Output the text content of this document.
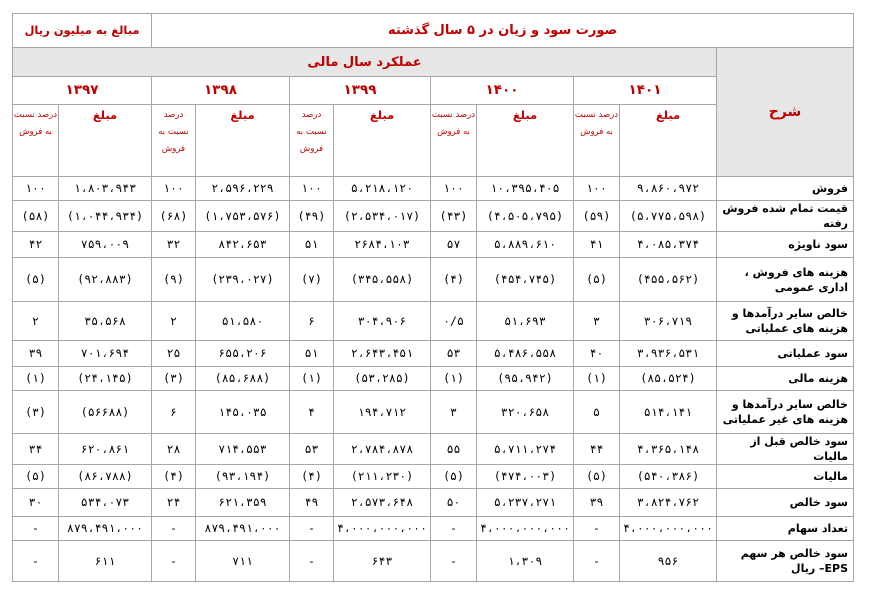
مبالغ به میلیون ریال		صورت سود و زیان در ۵ سال گذشته								
عملکرد سال مالی										شرح
۱۳۹۷		۱۳۹۸		۱۳۹۹		۱۴۰۰		۱۴۰۱		
درصد نسبت به فروش	مبلغ	درصد نسبت به فروش	مبلغ	درصد نسبت به فروش	مبلغ	درصد نسبت به فروش	مبلغ	درصد نسبت به فروش	مبلغ	
۱۰۰	۱،۸۰۳،۹۴۳	۱۰۰	۲،۵۹۶،۲۲۹	۱۰۰	۵،۲۱۸،۱۲۰	۱۰۰	۱۰،۳۹۵،۴۰۵	۱۰۰	۹،۸۶۰،۹۷۲	فروش
(۵۸)	(۱،۰۴۴،۹۳۴)	(۶۸)	(۱،۷۵۳،۵۷۶)	(۴۹)	(۲،۵۳۴،۰۱۷)	(۴۳)	(۴،۵۰۵،۷۹۵)	(۵۹)	(۵،۷۷۵،۵۹۸)	قیمت تمام شده فروش رفته
۴۲	۷۵۹،۰۰۹	۳۲	۸۴۲،۶۵۳	۵۱	۲۶۸۴،۱۰۳	۵۷	۵،۸۸۹،۶۱۰	۴۱	۴،۰۸۵،۳۷۴	سود ناویژه
(۵)	(۹۲،۸۸۳)	(۹)	(۲۳۹،۰۲۷)	(۷)	(۳۴۵،۵۵۸)	(۴)	(۴۵۴،۷۴۵)	(۵)	(۴۵۵،۵۶۲)	هزینه های فروش ، اداری عمومی
۲	۳۵،۵۶۸	۲	۵۱،۵۸۰	۶	۳۰۴،۹۰۶	۰/۵	۵۱،۶۹۳	۳	۳۰۶،۷۱۹	خالص سایر درآمدها و هزینه های عملیاتی
۳۹	۷۰۱،۶۹۴	۲۵	۶۵۵،۲۰۶	۵۱	۲،۶۴۳،۴۵۱	۵۳	۵،۴۸۶،۵۵۸	۴۰	۳،۹۳۶،۵۳۱	سود عملیاتی
(۱)	(۲۴،۱۴۵)	(۳)	(۸۵،۶۸۸)	(۱)	(۵۳،۲۸۵)	(۱)	(۹۵،۹۴۲)	(۱)	(۸۵،۵۲۴)	هزینه مالی
(۳)	(۵۶۶۸۸)	۶	۱۴۵،۰۳۵	۴	۱۹۴،۷۱۲	۳	۳۲۰،۶۵۸	۵	۵۱۴،۱۴۱	خالص سایر درآمدها و هزینه های غیر عملیاتی
۳۴	۶۲۰،۸۶۱	۲۸	۷۱۴،۵۵۳	۵۳	۲،۷۸۴،۸۷۸	۵۵	۵،۷۱۱،۲۷۴	۴۴	۴،۳۶۵،۱۴۸	سود خالص قبل از مالیات
(۵)	(۸۶،۷۸۸)	(۴)	(۹۳،۱۹۴)	(۴)	(۲۱۱،۲۳۰)	(۵)	(۴۷۴،۰۰۳)	(۵)	(۵۴۰،۳۸۶)	مالیات
۳۰	۵۳۴،۰۷۳	۲۴	۶۲۱،۳۵۹	۴۹	۲،۵۷۳،۶۴۸	۵۰	۵،۲۳۷،۲۷۱	۳۹	۳،۸۲۴،۷۶۲	سود خالص
-	۸۷۹،۴۹۱،۰۰۰	-	۸۷۹،۴۹۱،۰۰۰	-	۴،۰۰۰،۰۰۰،۰۰۰	-	۴،۰۰۰،۰۰۰،۰۰۰	-	۴،۰۰۰،۰۰۰،۰۰۰	تعداد سهام
-	۶۱۱	-	۷۱۱	-	۶۴۳	-	۱،۳۰۹	-	۹۵۶	سود خالص هر سهم EPS– ریال
